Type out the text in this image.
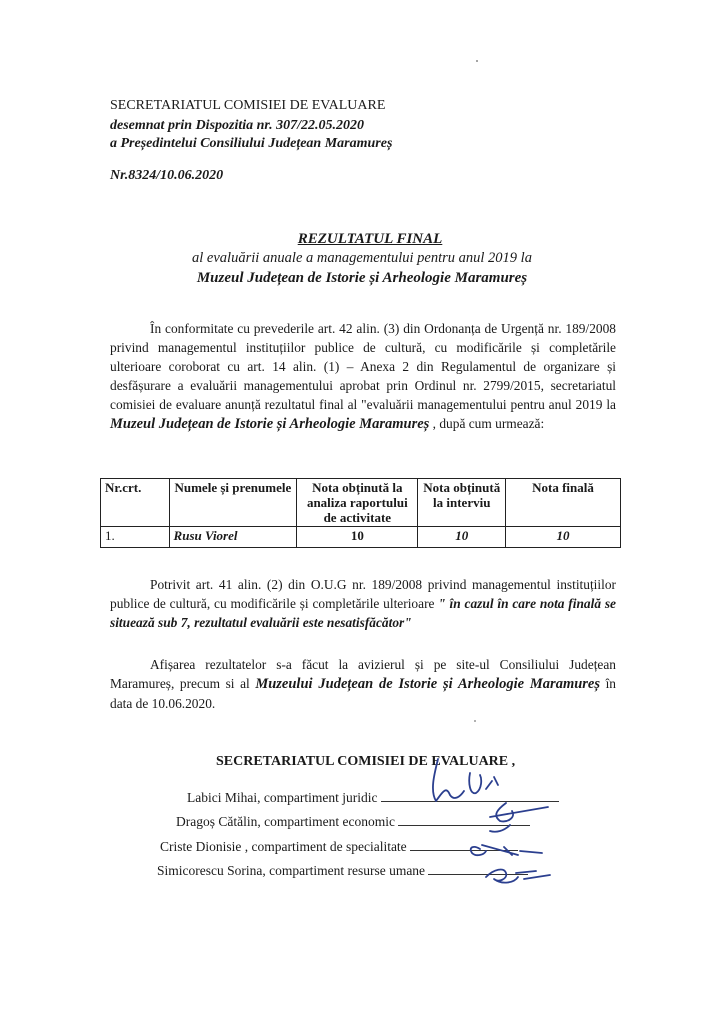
SECRETARIATUL COMISIEI DE EVALUARE
desemnat prin Dispozitia nr. 307/22.05.2020
a Președintelui Consiliului Județean Maramureș
Nr.8324/10.06.2020
REZULTATUL FINAL
al evaluării anuale a managementului pentru anul 2019 la
Muzeul Județean de Istorie și Arheologie Maramureș
În conformitate cu prevederile art. 42 alin. (3) din Ordonanța de Urgență nr. 189/2008 privind managementul instituțiilor publice de cultură, cu modificările și completările ulterioare coroborat cu art. 14 alin. (1) – Anexa 2 din Regulamentul de organizare și desfășurare a evaluării managementului aprobat prin Ordinul nr. 2799/2015, secretariatul comisiei de evaluare anunță rezultatul final al "evaluării managementului pentru anul 2019 la Muzeul Județean de Istorie și Arheologie Maramureș , după cum urmează:
Nr.crt.	Numele și prenumele	Nota obținută la analiza raportului de activitate	Nota obținută la interviu	Nota finală
1.	Rusu Viorel	10	10	10
Potrivit art. 41 alin. (2) din O.U.G nr. 189/2008 privind managementul instituțiilor publice de cultură, cu modificările și completările ulterioare " în cazul în care nota finală se situează sub 7, rezultatul evaluării este nesatisfăcător"
Afișarea rezultatelor s-a făcut la avizierul și pe site-ul Consiliului Județean Maramureș, precum si al Muzeului Județean de Istorie și Arheologie Maramureș în data de 10.06.2020.
SECRETARIATUL COMISIEI DE EVALUARE ,
Labici Mihai, compartiment juridic
Dragoș Cătălin, compartiment economic
Criste Dionisie , compartiment de specialitate
Simicorescu Sorina, compartiment resurse umane
